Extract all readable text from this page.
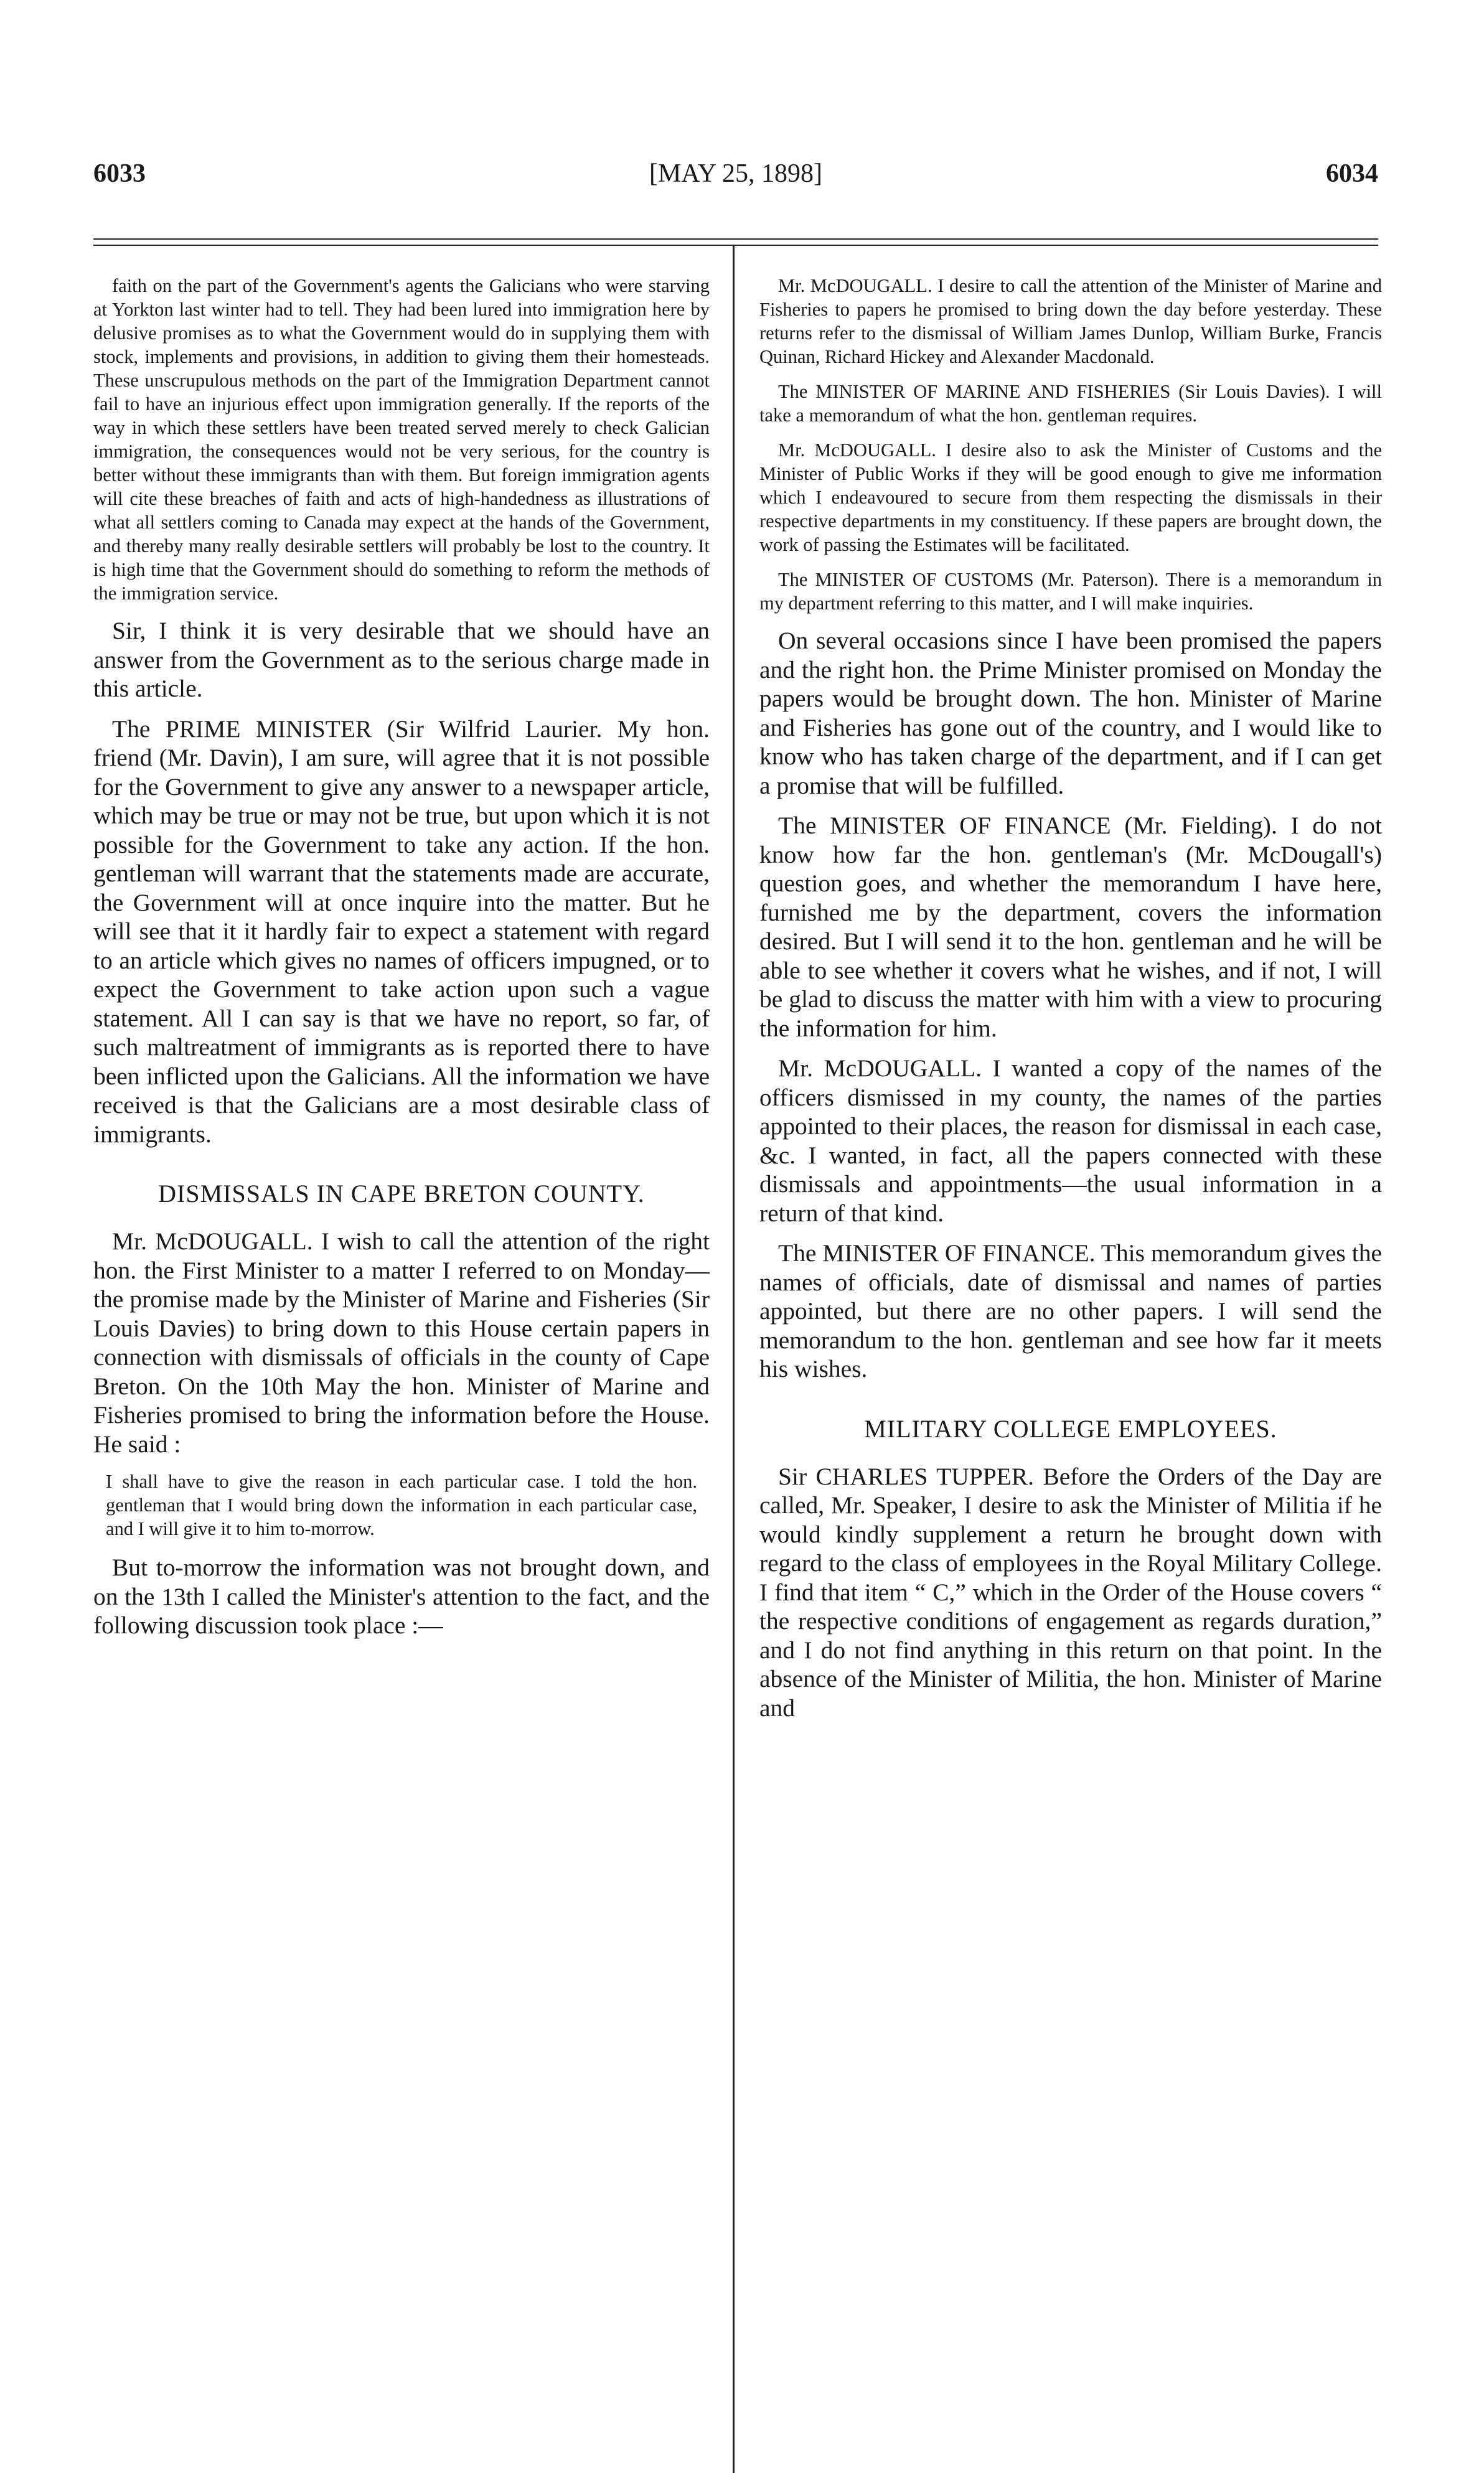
6033	[MAY 25, 1898]	6034

faith on the part of the Government's agents the Galicians who were starving at Yorkton last winter had to tell. They had been lured into immigration here by delusive promises as to what the Government would do in supplying them with stock, implements and provisions, in addition to giving them their homesteads. These unscrupulous methods on the part of the Immigration Department cannot fail to have an injurious effect upon immigration generally. If the reports of the way in which these settlers have been treated served merely to check Galician immigration, the consequences would not be very serious, for the country is better without these immigrants than with them. But foreign immigration agents will cite these breaches of faith and acts of high-handedness as illustrations of what all settlers coming to Canada may expect at the hands of the Government, and thereby many really desirable settlers will probably be lost to the country. It is high time that the Government should do something to reform the methods of the immigration service.

Sir, I think it is very desirable that we should have an answer from the Government as to the serious charge made in this article.

The PRIME MINISTER (Sir Wilfrid Laurier. My hon. friend (Mr. Davin), I am sure, will agree that it is not possible for the Government to give any answer to a newspaper article, which may be true or may not be true, but upon which it is not possible for the Government to take any action. If the hon. gentleman will warrant that the statements made are accurate, the Government will at once inquire into the matter. But he will see that it it hardly fair to expect a statement with regard to an article which gives no names of officers impugned, or to expect the Government to take action upon such a vague statement. All I can say is that we have no report, so far, of such maltreatment of immigrants as is reported there to have been inflicted upon the Galicians. All the information we have received is that the Galicians are a most desirable class of immigrants.

DISMISSALS IN CAPE BRETON COUNTY.

Mr. McDOUGALL. I wish to call the attention of the right hon. the First Minister to a matter I referred to on Monday—the promise made by the Minister of Marine and Fisheries (Sir Louis Davies) to bring down to this House certain papers in connection with dismissals of officials in the county of Cape Breton. On the 10th May the hon. Minister of Marine and Fisheries promised to bring the information before the House. He said :

I shall have to give the reason in each particular case. I told the hon. gentleman that I would bring down the information in each particular case, and I will give it to him to-morrow.

But to-morrow the information was not brought down, and on the 13th I called the Minister's attention to the fact, and the following discussion took place :—

Mr. McDOUGALL. I desire to call the attention of the Minister of Marine and Fisheries to papers he promised to bring down the day before yesterday. These returns refer to the dismissal of William James Dunlop, William Burke, Francis Quinan, Richard Hickey and Alexander Macdonald.

The MINISTER OF MARINE AND FISHERIES (Sir Louis Davies). I will take a memorandum of what the hon. gentleman requires.

Mr. McDOUGALL. I desire also to ask the Minister of Customs and the Minister of Public Works if they will be good enough to give me information which I endeavoured to secure from them respecting the dismissals in their respective departments in my constituency. If these papers are brought down, the work of passing the Estimates will be facilitated.

The MINISTER OF CUSTOMS (Mr. Paterson). There is a memorandum in my department referring to this matter, and I will make inquiries.

On several occasions since I have been promised the papers and the right hon. the Prime Minister promised on Monday the papers would be brought down. The hon. Minister of Marine and Fisheries has gone out of the country, and I would like to know who has taken charge of the department, and if I can get a promise that will be fulfilled.

The MINISTER OF FINANCE (Mr. Fielding). I do not know how far the hon. gentleman's (Mr. McDougall's) question goes, and whether the memorandum I have here, furnished me by the department, covers the information desired. But I will send it to the hon. gentleman and he will be able to see whether it covers what he wishes, and if not, I will be glad to discuss the matter with him with a view to procuring the information for him.

Mr. McDOUGALL. I wanted a copy of the names of the officers dismissed in my county, the names of the parties appointed to their places, the reason for dismissal in each case, &c. I wanted, in fact, all the papers connected with these dismissals and appointments—the usual information in a return of that kind.

The MINISTER OF FINANCE. This memorandum gives the names of officials, date of dismissal and names of parties appointed, but there are no other papers. I will send the memorandum to the hon. gentleman and see how far it meets his wishes.

MILITARY COLLEGE EMPLOYEES.

Sir CHARLES TUPPER. Before the Orders of the Day are called, Mr. Speaker, I desire to ask the Minister of Militia if he would kindly supplement a return he brought down with regard to the class of employees in the Royal Military College. I find that item “ C,” which in the Order of the House covers “ the respective conditions of engagement as regards duration,” and I do not find anything in this return on that point. In the absence of the Minister of Militia, the hon. Minister of Marine and
